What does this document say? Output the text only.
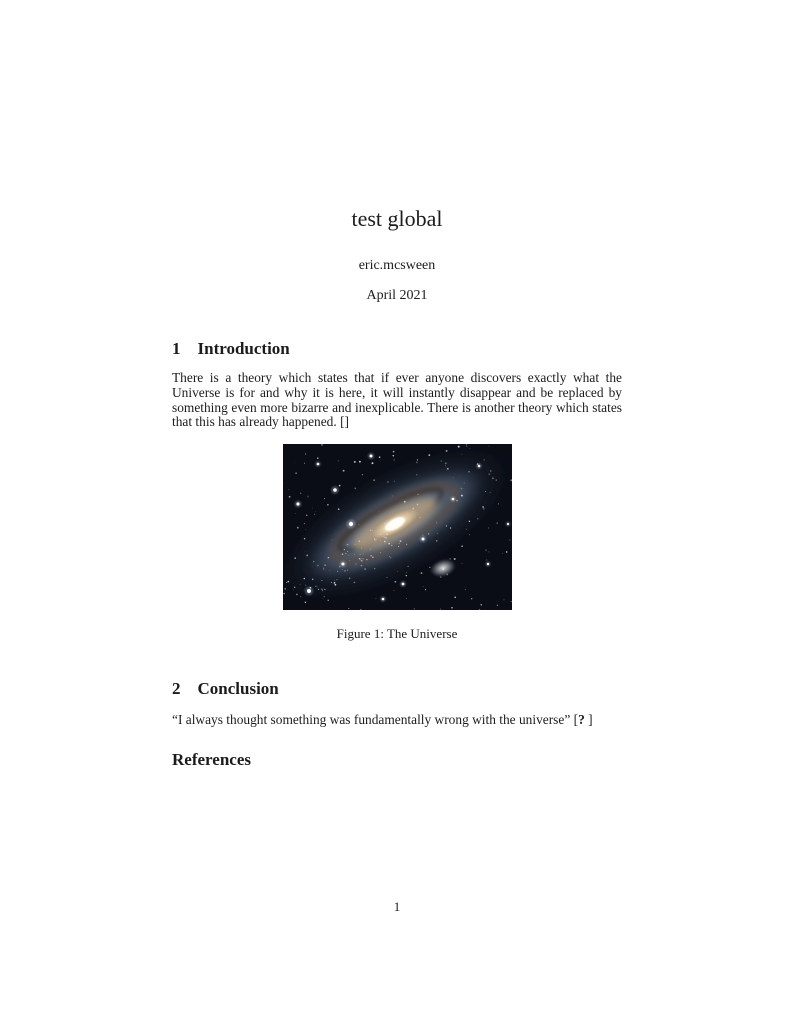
test global
eric.mcsween
April 2021
1 Introduction
There is a theory which states that if ever anyone discovers exactly what the Universe is for and why it is here, it will instantly disappear and be replaced by something even more bizarre and inexplicable. There is another theory which states that this has already happened. []
Figure 1: The Universe
2 Conclusion
“I always thought something was fundamentally wrong with the universe” [? ]
References
1
